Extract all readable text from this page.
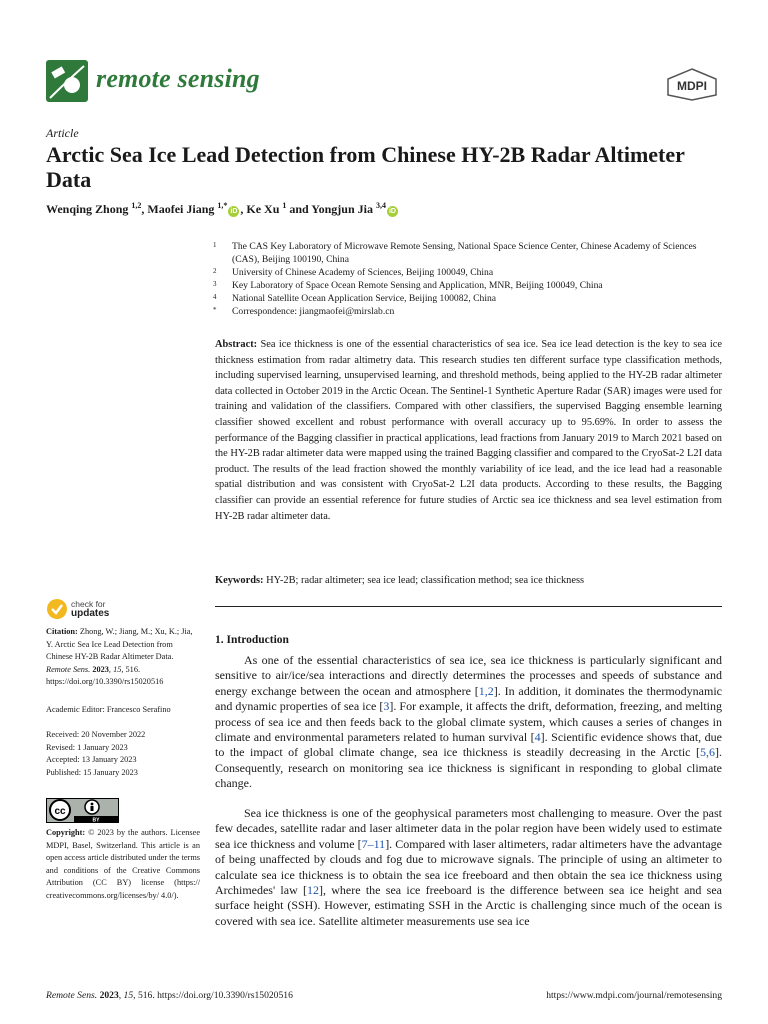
remote sensing	MDPI
Article
Arctic Sea Ice Lead Detection from Chinese HY-2B Radar Altimeter Data
Wenqing Zhong $^{1,2}$, Maofei Jiang $^{1,*}$iD , Ke Xu $^1$ and Yongjun Jia $^{3,4}$iD
1	The CAS Key Laboratory of Microwave Remote Sensing, National Space Science Center, Chinese Academy of Sciences (CAS), Beijing 100190, China
2	University of Chinese Academy of Sciences, Beijing 100049, China
3	Key Laboratory of Space Ocean Remote Sensing and Application, MNR, Beijing 100049, China
4	National Satellite Ocean Application Service, Beijing 100082, China
*	Correspondence: jiangmaofei@mirslab.cn

Abstract: Sea ice thickness is one of the essential characteristics of sea ice. Sea ice lead detection is the key to sea ice thickness estimation from radar altimetry data. This research studies ten different surface type classification methods, including supervised learning, unsupervised learning, and threshold methods, being applied to the HY-2B radar altimeter data collected in October 2019 in the Arctic Ocean. The Sentinel-1 Synthetic Aperture Radar (SAR) images were used for training and validation of the classifiers. Compared with other classifiers, the supervised Bagging ensemble learning classifier showed excellent and robust performance with overall accuracy up to 95.69%. In order to assess the performance of the Bagging classifier in practical applications, lead fractions from January 2019 to March 2021 based on the HY-2B radar altimeter data were mapped using the trained Bagging classifier and compared to the CryoSat-2 L2I data product. The results of the lead fraction showed the monthly variability of ice lead, and the ice lead had a reasonable spatial distribution and was consistent with CryoSat-2 L2I data products. According to these results, the Bagging classifier can provide an essential reference for future studies of Arctic sea ice thickness and sea level estimation from HY-2B radar altimeter data.

Keywords: HY-2B; radar altimeter; sea ice lead; classification method; sea ice thickness

check for
updates
Citation: Zhong, W.; Jiang, M.; Xu, K.; Jia, Y. Arctic Sea Ice Lead Detection from Chinese HY-2B Radar Altimeter Data. Remote Sens. 2023, 15, 516. https://doi.org/10.3390/rs15020516
Academic Editor: Francesco Serafino
Received: 20 November 2022
Revised: 1 January 2023
Accepted: 13 January 2023
Published: 15 January 2023
cc
BY
Copyright: © 2023 by the authors. Licensee MDPI, Basel, Switzerland. This article is an open access article distributed under the terms and conditions of the Creative Commons Attribution (CC BY) license (https:// creativecommons.org/licenses/by/ 4.0/).
1. Introduction

As one of the essential characteristics of sea ice, sea ice thickness is particularly significant and sensitive to air/ice/sea interactions and directly determines the processes and speeds of substance and energy exchange between the ocean and atmosphere [1,2]. In addition, it dominates the thermodynamic and dynamic properties of sea ice [3]. For example, it affects the drift, deformation, freezing, and melting process of sea ice and then feeds back to the global climate system, which causes a series of changes in climate and environmental parameters related to human survival [4]. Scientific evidence shows that, due to the impact of global climate change, sea ice thickness is steadily decreasing in the Arctic [5,6]. Consequently, research on monitoring sea ice thickness is significant in responding to global climate change.

Sea ice thickness is one of the geophysical parameters most challenging to measure. Over the past few decades, satellite radar and laser altimeter data in the polar region have been widely used to estimate sea ice thickness and volume [7–11]. Compared with laser altimeters, radar altimeters have the advantage of being unaffected by clouds and fog due to microwave signals. The principle of using an altimeter to calculate sea ice thickness is to obtain the sea ice freeboard and then obtain the sea ice thickness using Archimedes' law [12], where the sea ice freeboard is the difference between sea ice height and sea surface height (SSH). However, estimating SSH in the Arctic is challenging since much of the ocean is covered with sea ice. Satellite altimeter measurements use sea ice

Remote Sens. 2023, 15, 516. https://doi.org/10.3390/rs15020516	https://www.mdpi.com/journal/remotesensing
